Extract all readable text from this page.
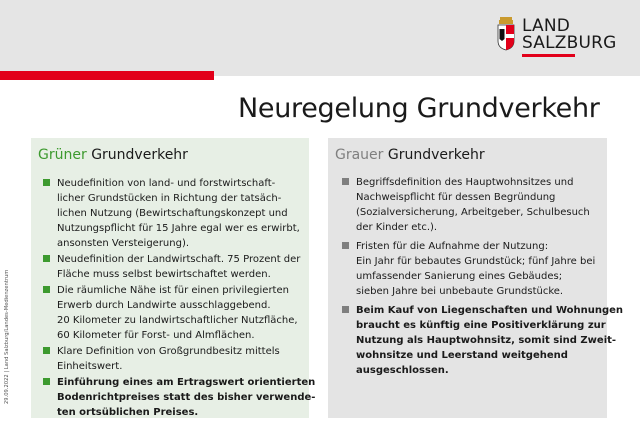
LAND
SALZBURG
Neuregelung Grundverkehr
29.09.2022 | Land Salzburg/Landes-Medienzentrum
Grüner Grundverkehr
Neudefinition von land- und forstwirtschaft-
licher Grundstücken in Richtung der tatsäch-
lichen Nutzung (Bewirtschaftungskonzept und
Nutzungspflicht für 15 Jahre egal wer es erwirbt,
ansonsten Versteigerung).
Neudefinition der Landwirtschaft. 75 Prozent der
Fläche muss selbst bewirtschaftet werden.
Die räumliche Nähe ist für einen privilegierten
Erwerb durch Landwirte ausschlaggebend.
20 Kilometer zu landwirtschaftlicher Nutzfläche,
60 Kilometer für Forst- und Almflächen.
Klare Definition von Großgrundbesitz mittels
Einheitswert.
Einführung eines am Ertragswert orientierten
Bodenrichtpreises statt des bisher verwende-
ten ortsüblichen Preises.
Grauer Grundverkehr
Begriffsdefinition des Hauptwohnsitzes und
Nachweispflicht für dessen Begründung
(Sozialversicherung, Arbeitgeber, Schulbesuch
der Kinder etc.).
Fristen für die Aufnahme der Nutzung:
Ein Jahr für bebautes Grundstück; fünf Jahre bei
umfassender Sanierung eines Gebäudes;
sieben Jahre bei unbebaute Grundstücke.
Beim Kauf von Liegenschaften und Wohnungen
braucht es künftig eine Positiverklärung zur
Nutzung als Hauptwohnsitz, somit sind Zweit-
wohnsitze und Leerstand weitgehend
ausgeschlossen.
